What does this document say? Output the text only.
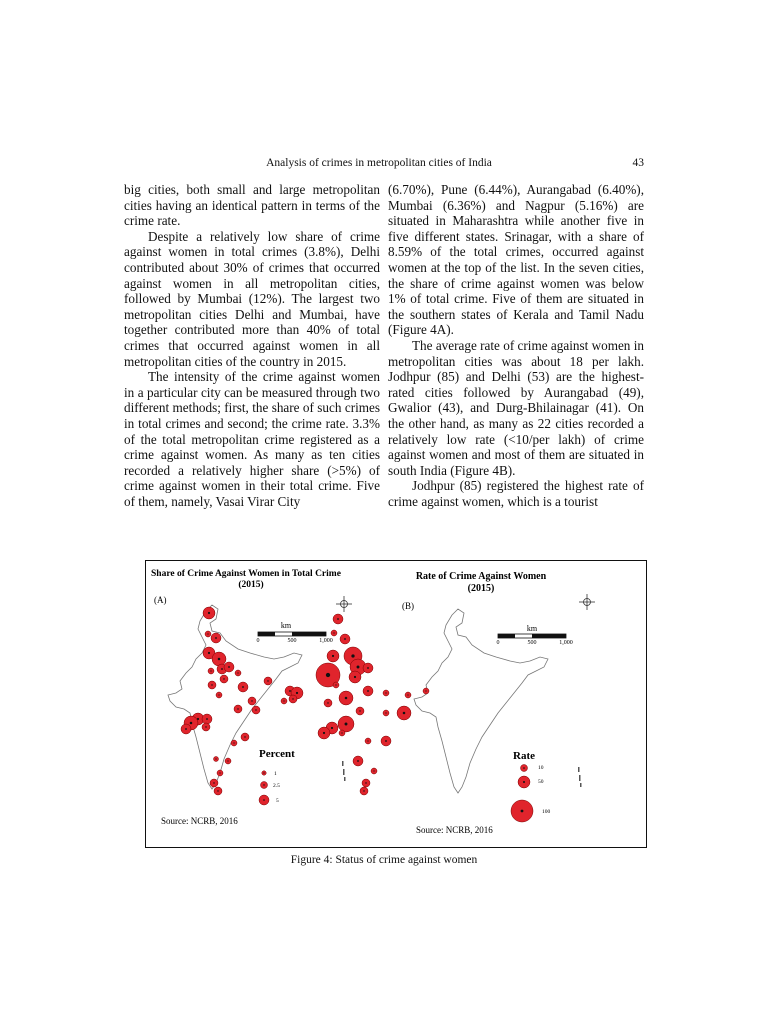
Analysis of crimes in metropolitan cities of India	43

big cities, both small and large metropolitan cities having an identical pattern in terms of the crime rate.

Despite a relatively low share of crime against women in total crimes (3.8%), Delhi contributed about 30% of crimes that occurred against women in all metropolitan cities, followed by Mumbai (12%). The largest two metropolitan cities Delhi and Mumbai, have together contributed more than 40% of total crimes that occurred against women in all metropolitan cities of the country in 2015.

The intensity of the crime against women in a particular city can be measured through two different methods; first, the share of such crimes in total crimes and second; the crime rate. 3.3% of the total metropolitan crime registered as a crime against women. As many as ten cities recorded a relatively higher share (>5%) of crime against women in their total crime. Five of them, namely, Vasai Virar City

(6.70%), Pune (6.44%), Aurangabad (6.40%), Mumbai (6.36%) and Nagpur (5.16%) are situated in Maharashtra while another five in five different states. Srinagar, with a share of 8.59% of the total crimes, occurred against women at the top of the list. In the seven cities, the share of crime against women was below 1% of total crime. Five of them are situated in the southern states of Kerala and Tamil Nadu (Figure 4A).

The average rate of crime against women in metropolitan cities was about 18 per lakh. Jodhpur (85) and Delhi (53) are the highest-rated cities followed by Aurangabad (49), Gwalior (43), and Durg-Bhilainagar (41). On the other hand, as many as 22 cities recorded a relatively low rate (<10/per lakh) of crime against women and most of them are situated in south India (Figure 4B).

Jodhpur (85) registered the highest rate of crime against women, which is a tourist

Share of Crime Against Women in Total Crime
(2015)
(A)
km
0	500	1,000
Percent
1
2.5
5
Source: NCRB, 2016
Rate of Crime Against Women
(2015)
(B)
km
0	500	1,000
Rate
10
50
100
Source: NCRB, 2016
Figure 4: Status of crime against women
